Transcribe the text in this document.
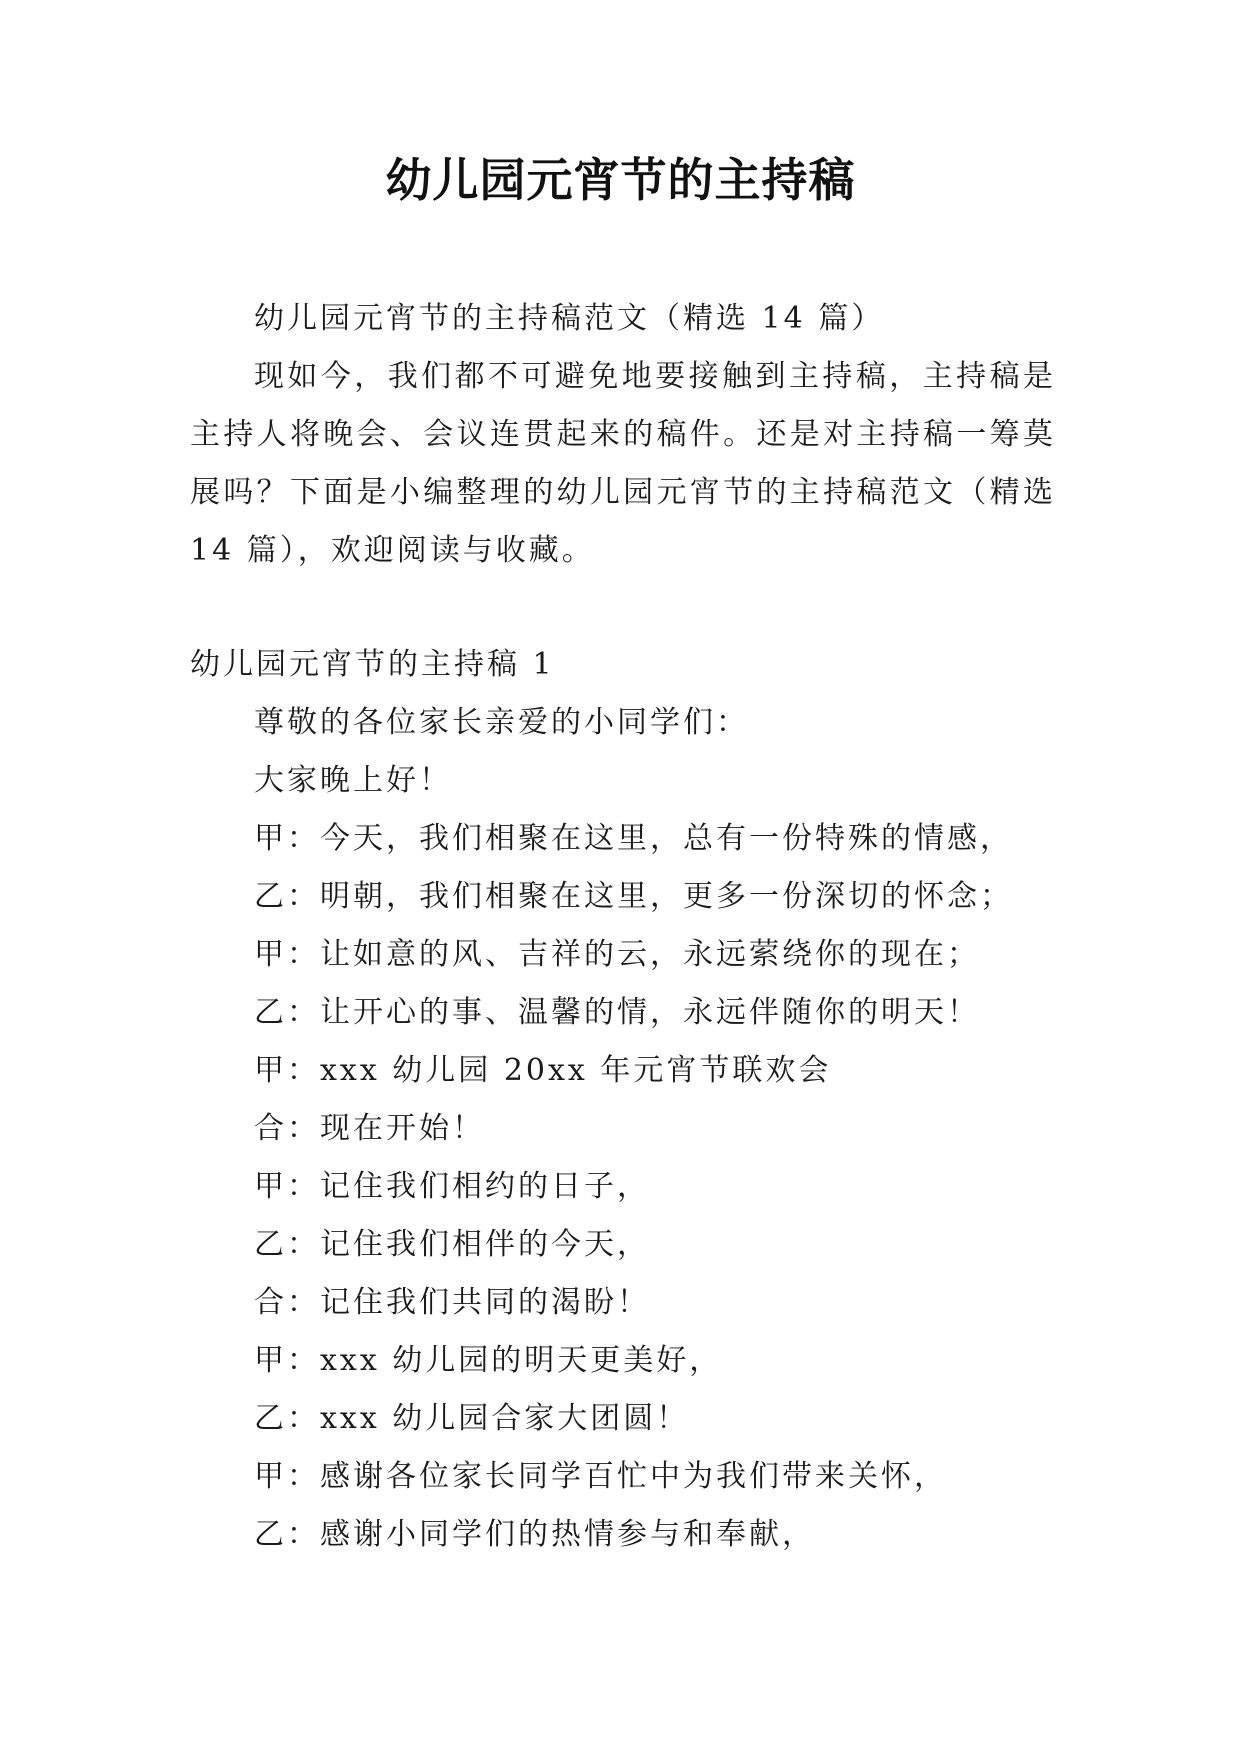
幼儿园元宵节的主持稿

幼儿园元宵节的主持稿范文（精选 14 篇）

现如今，我们都不可避免地要接触到主持稿，主持稿是主持人将晚会、会议连贯起来的稿件。还是对主持稿一筹莫展吗？下面是小编整理的幼儿园元宵节的主持稿范文（精选 14 篇），欢迎阅读与收藏。

幼儿园元宵节的主持稿 1

尊敬的各位家长亲爱的小同学们：

大家晚上好！

甲：今天，我们相聚在这里，总有一份特殊的情感，

乙：明朝，我们相聚在这里，更多一份深切的怀念；

甲：让如意的风、吉祥的云，永远萦绕你的现在；

乙：让开心的事、温馨的情，永远伴随你的明天！

甲：xxx 幼儿园 20xx 年元宵节联欢会

合：现在开始！

甲：记住我们相约的日子，

乙：记住我们相伴的今天，

合：记住我们共同的渴盼！

甲：xxx 幼儿园的明天更美好，

乙：xxx 幼儿园合家大团圆！

甲：感谢各位家长同学百忙中为我们带来关怀，

乙：感谢小同学们的热情参与和奉献，
